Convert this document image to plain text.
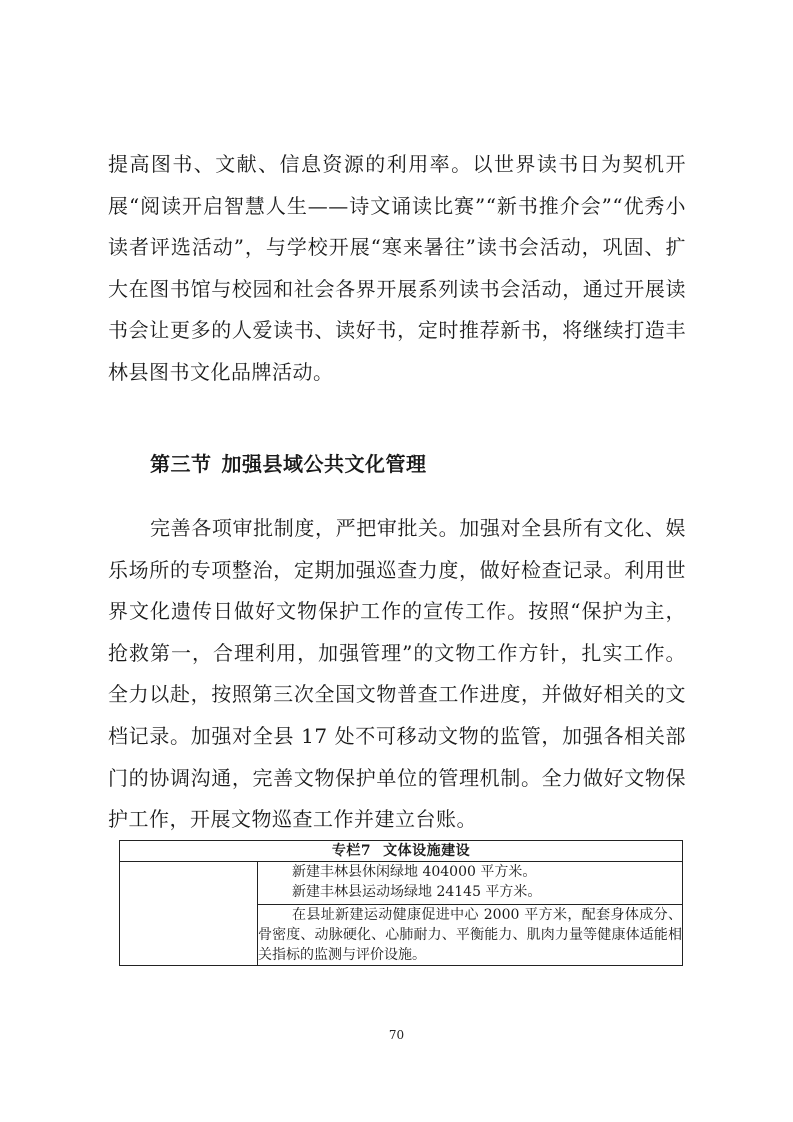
提高图书、文献、信息资源的利用率。以世界读书日为契机开展“阅读开启智慧人生——诗文诵读比赛”“新书推介会”“优秀小读者评选活动”，与学校开展“寒来暑往”读书会活动，巩固、扩大在图书馆与校园和社会各界开展系列读书会活动，通过开展读书会让更多的人爱读书、读好书，定时推荐新书，将继续打造丰林县图书文化品牌活动。

第三节 加强县域公共文化管理

完善各项审批制度，严把审批关。加强对全县所有文化、娱乐场所的专项整治，定期加强巡查力度，做好检查记录。利用世界文化遗传日做好文物保护工作的宣传工作。按照“保护为主，抢救第一，合理利用，加强管理”的文物工作方针，扎实工作。全力以赴，按照第三次全国文物普查工作进度，并做好相关的文档记录。加强对全县 17 处不可移动文物的监管，加强各相关部门的协调沟通，完善文物保护单位的管理机制。全力做好文物保护工作，开展文物巡查工作并建立台账。

专栏7 文体设施建设

新建丰林县休闲绿地 404000 平方米。
新建丰林县运动场绿地 24145 平方米。

在县址新建运动健康促进中心 2000 平方米，配套身体成分、骨密度、动脉硬化、心肺耐力、平衡能力、肌肉力量等健康体适能相关指标的监测与评价设施。
70
